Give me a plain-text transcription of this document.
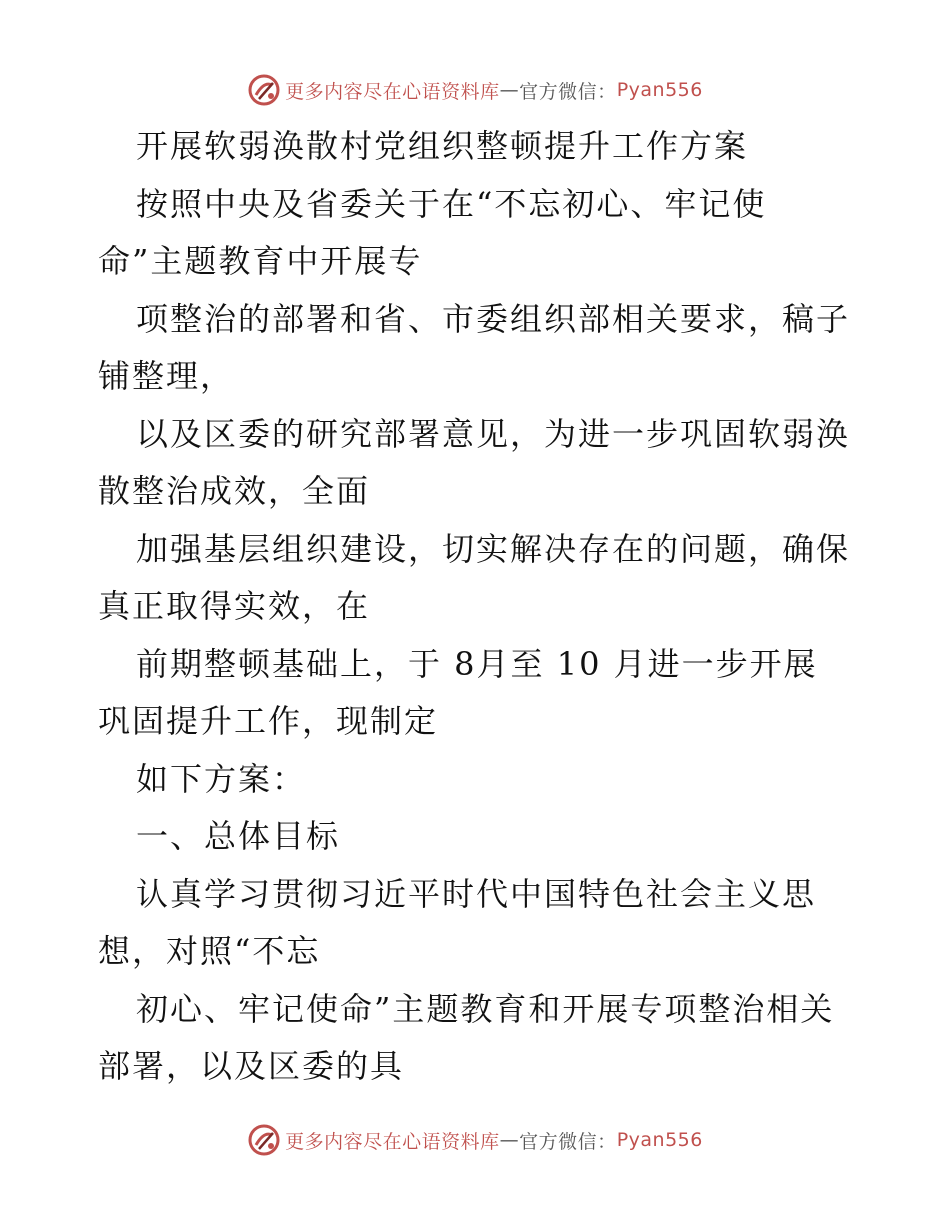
更多内容尽在心语资料库 — 官方微信： Pyan556
开展软弱涣散村党组织整顿提升工作方案
按照中央及省委关于在“不忘初心、牢记使
命”主题教育中开展专
项整治的部署和省、市委组织部相关要求，稿子
铺整理，
以及区委的研究部署意见，为进一步巩固软弱涣
散整治成效，全面
加强基层组织建设，切实解决存在的问题，确保
真正取得实效，在
前期整顿基础上，于 8月至 10 月进一步开展
巩固提升工作，现制定
如下方案：
一、总体目标
认真学习贯彻习近平时代中国特色社会主义思
想，对照“不忘
初心、牢记使命”主题教育和开展专项整治相关
部署，以及区委的具
更多内容尽在心语资料库 — 官方微信： Pyan556
